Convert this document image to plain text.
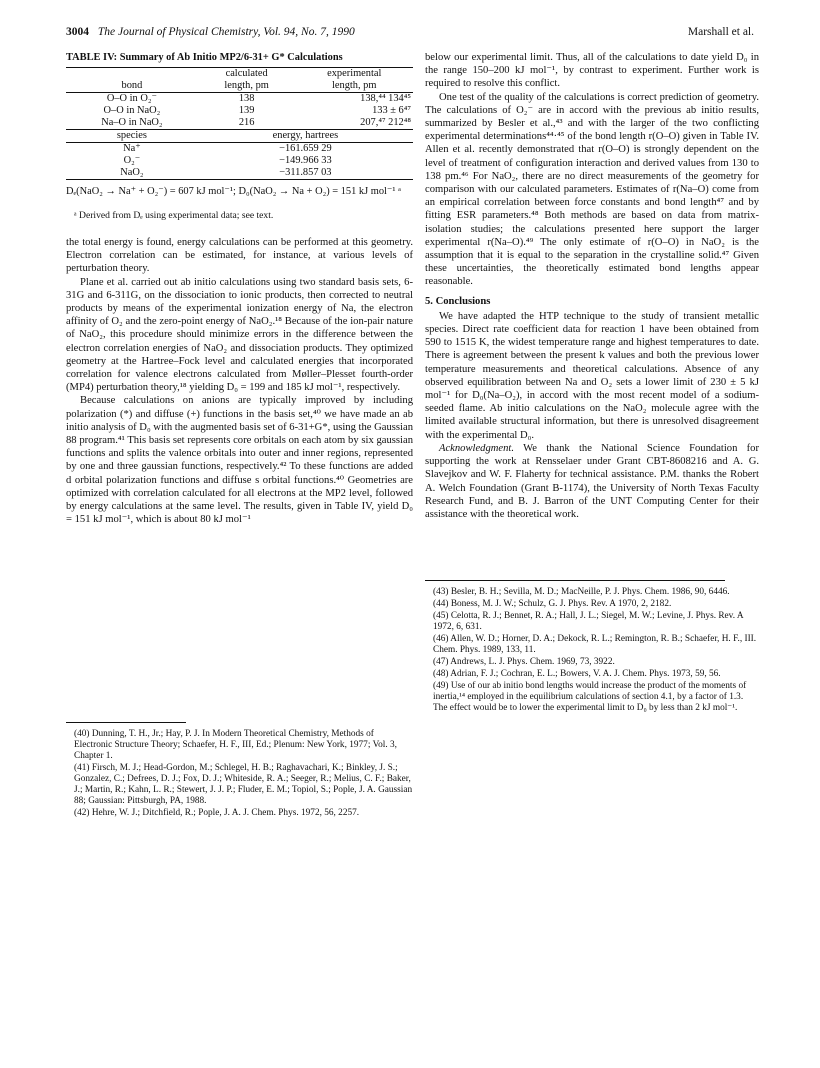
3004 The Journal of Physical Chemistry, Vol. 94, No. 7, 1990	Marshall et al.
TABLE IV: Summary of Ab Initio MP2/6-31+ G* Calculations
	calculated	experimental
bond	length, pm	length, pm
O–O in O₂⁻	138	138,⁴⁴ 134⁴⁵
O–O in NaO₂	139	133 ± 6⁴⁷
Na–O in NaO₂	216	207,⁴⁷ 212⁴⁸
species	energy, hartrees	
Na⁺	−161.659 29	
O₂⁻	−149.966 33	
NaO₂	−311.857 03	
Dₑ(NaO₂ → Na⁺ + O₂⁻) = 607 kJ mol⁻¹; D₀(NaO₂ → Na + O₂) = 151 kJ mol⁻¹ ᵃ
ᵃ Derived from Dₑ using experimental data; see text.

the total energy is found, energy calculations can be performed at this geometry. Electron correlation can be estimated, for instance, at various levels of perturbation theory.

Plane et al. carried out ab initio calculations using two standard basis sets, 6-31G and 6-311G, on the dissociation to ionic products, then corrected to neutral products by means of the experimental ionization energy of Na, the electron affinity of O₂ and the zero-point energy of NaO₂.¹⁸ Because of the ion-pair nature of NaO₂, this procedure should minimize errors in the difference between the electron correlation energies of NaO₂ and dissociation products. They optimized geometry at the Hartree–Fock level and calculated energies that incorporated correlation for valence electrons calculated from Møller–Plesset fourth-order (MP4) perturbation theory,¹⁸ yielding D₀ = 199 and 185 kJ mol⁻¹, respectively.

Because calculations on anions are typically improved by including polarization (*) and diffuse (+) functions in the basis set,⁴⁰ we have made an ab initio analysis of D₀ with the augmented basis set of 6-31+G*, using the Gaussian 88 program.⁴¹ This basis set represents core orbitals on each atom by six gaussian functions and splits the valence orbitals into outer and inner regions, represented by one and three gaussian functions, respectively.⁴² To these functions are added d orbital polarization functions and diffuse s orbital functions.⁴⁰ Geometries are optimized with correlation calculated for all electrons at the MP2 level, followed by energy calculations at the same level. The results, given in Table IV, yield D₀ = 151 kJ mol⁻¹, which is about 80 kJ mol⁻¹

(40) Dunning, T. H., Jr.; Hay, P. J. In Modern Theoretical Chemistry, Methods of Electronic Structure Theory; Schaefer, H. F., III, Ed.; Plenum: New York, 1977; Vol. 3, Chapter 1.

(41) Firsch, M. J.; Head-Gordon, M.; Schlegel, H. B.; Raghavachari, K.; Binkley, J. S.; Gonzalez, C.; Defrees, D. J.; Fox, D. J.; Whiteside, R. A.; Seeger, R.; Melius, C. F.; Baker, J.; Martin, R.; Kahn, L. R.; Stewert, J. J. P.; Fluder, E. M.; Topiol, S.; Pople, J. A. Gaussian 88; Gaussian: Pittsburgh, PA, 1988.

(42) Hehre, W. J.; Ditchfield, R.; Pople, J. A. J. Chem. Phys. 1972, 56, 2257.

below our experimental limit. Thus, all of the calculations to date yield D₀ in the range 150–200 kJ mol⁻¹, by contrast to experiment. Further work is required to resolve this conflict.

One test of the quality of the calculations is correct prediction of geometry. The calculations of O₂⁻ are in accord with the previous ab initio results, summarized by Besler et al.,⁴³ and with the larger of the two conflicting experimental determinations⁴⁴·⁴⁵ of the bond length r(O–O) given in Table IV. Allen et al. recently demonstrated that r(O–O) is strongly dependent on the level of treatment of configuration interaction and derived values from 130 to 138 pm.⁴⁶ For NaO₂, there are no direct measurements of the geometry for comparison with our calculated parameters. Estimates of r(Na–O) come from an empirical correlation between force constants and bond length⁴⁷ and by fitting ESR parameters.⁴⁸ Both methods are based on data from matrix-isolation studies; the calculations presented here support the larger experimental r(Na–O).⁴⁹ The only estimate of r(O–O) in NaO₂ is the assumption that it is equal to the separation in the crystalline solid.⁴⁷ Given these uncertainties, the theoretically estimated bond lengths appear reasonable.

5. Conclusions

We have adapted the HTP technique to the study of transient metallic species. Direct rate coefficient data for reaction 1 have been obtained from 590 to 1515 K, the widest temperature range and highest temperatures to date. There is agreement between the present k values and both the previous lower temperature measurements and theoretical calculations. Absence of any observed equilibration between Na and O₂ sets a lower limit of 230 ± 5 kJ mol⁻¹ for D₀(Na–O₂), in accord with the most recent model of a sodium-seeded flame. Ab initio calculations on the NaO₂ molecule agree with the limited available structural information, but there is unresolved disagreement with the experimental D₀.

Acknowledgment. We thank the National Science Foundation for supporting the work at Rensselaer under Grant CBT-8608216 and A. G. Slavejkov and W. F. Flaherty for technical assistance. P.M. thanks the Robert A. Welch Foundation (Grant B-1174), the University of North Texas Faculty Research Fund, and B. J. Barron of the UNT Computing Center for their assistance with the theoretical work.

(43) Besler, B. H.; Sevilla, M. D.; MacNeille, P. J. Phys. Chem. 1986, 90, 6446.

(44) Boness, M. J. W.; Schulz, G. J. Phys. Rev. A 1970, 2, 2182.

(45) Celotta, R. J.; Bennet, R. A.; Hall, J. L.; Siegel, M. W.; Levine, J. Phys. Rev. A 1972, 6, 631.

(46) Allen, W. D.; Horner, D. A.; Dekock, R. L.; Remington, R. B.; Schaefer, H. F., III. Chem. Phys. 1989, 133, 11.

(47) Andrews, L. J. Phys. Chem. 1969, 73, 3922.

(48) Adrian, F. J.; Cochran, E. L.; Bowers, V. A. J. Chem. Phys. 1973, 59, 56.

(49) Use of our ab initio bond lengths would increase the product of the moments of inertia,¹⁴ employed in the equilibrium calculations of section 4.1, by a factor of 1.3. The effect would be to lower the experimental limit to D₀ by less than 2 kJ mol⁻¹.
